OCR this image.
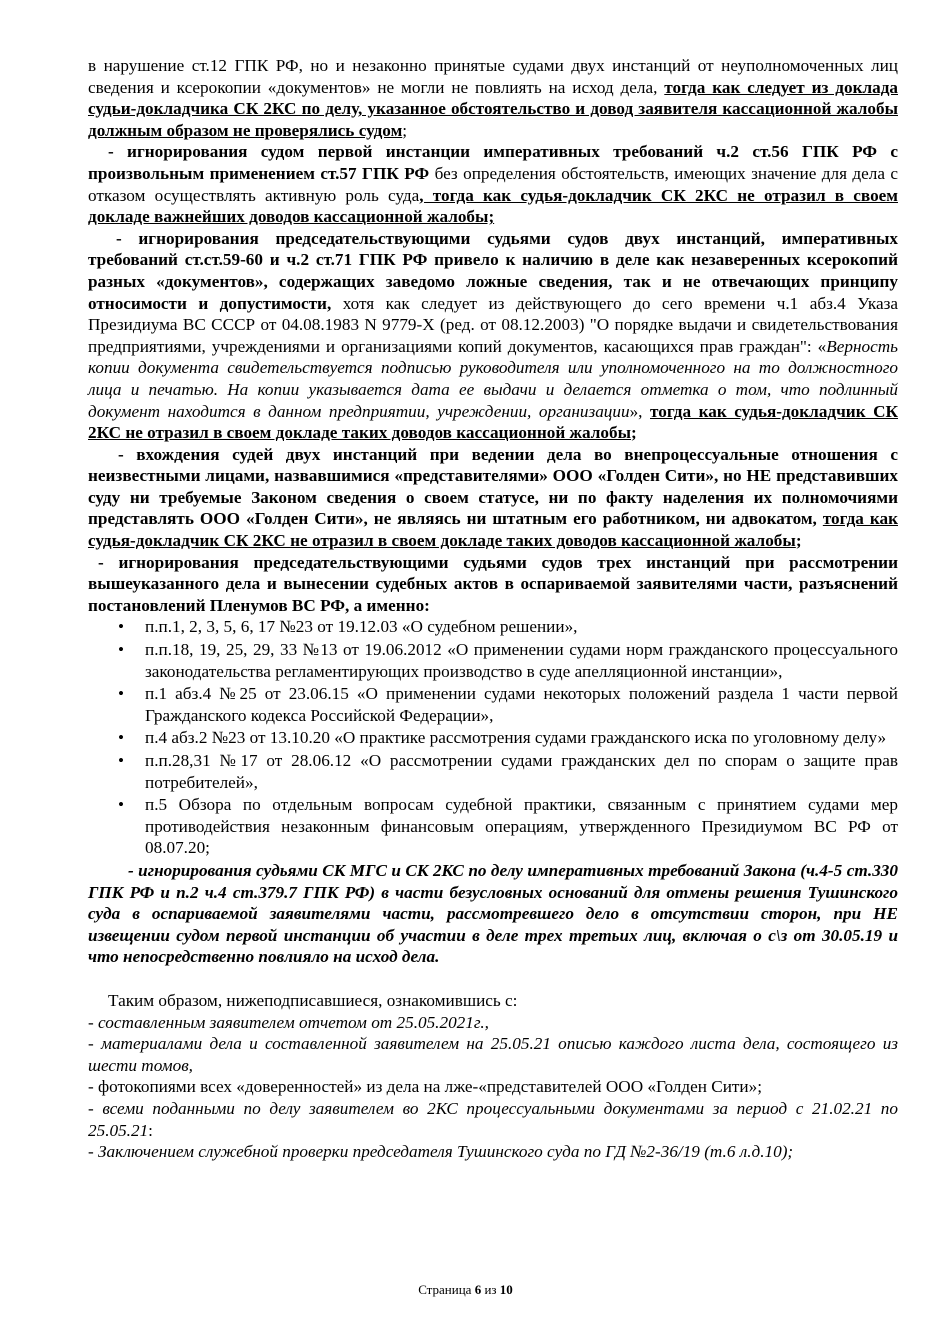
в нарушение ст.12 ГПК РФ, но и незаконно принятые судами двух инстанций от неуполномоченных лиц сведения и ксерокопии «документов» не могли не повлиять на исход дела, тогда как следует из доклада судьи-докладчика СК 2КС по делу, указанное обстоятельство и довод заявителя кассационной жалобы должным образом не проверялись судом;

- игнорирования судом первой инстанции императивных требований ч.2 ст.56 ГПК РФ с произвольным применением ст.57 ГПК РФ без определения обстоятельств, имеющих значение для дела с отказом осуществлять активную роль суда, тогда как судья-докладчик СК 2КС не отразил в своем докладе важнейших доводов кассационной жалобы;

- игнорирования председательствующими судьями судов двух инстанций, императивных требований ст.ст.59-60 и ч.2 ст.71 ГПК РФ привело к наличию в деле как незаверенных ксерокопий разных «документов», содержащих заведомо ложные сведения, так и не отвечающих принципу относимости и допустимости, хотя как следует из действующего до сего времени ч.1 абз.4 Указа Президиума ВС СССР от 04.08.1983 N 9779-X (ред. от 08.12.2003) "О порядке выдачи и свидетельствования предприятиями, учреждениями и организациями копий документов, касающихся прав граждан": «Верность копии документа свидетельствуется подписью руководителя или уполномоченного на то должностного лица и печатью. На копии указывается дата ее выдачи и делается отметка о том, что подлинный документ находится в данном предприятии, учреждении, организации», тогда как судья-докладчик СК 2КС не отразил в своем докладе таких доводов кассационной жалобы;

- вхождения судей двух инстанций при ведении дела во внепроцессуальные отношения с неизвестными лицами, назвавшимися «представителями» ООО «Голден Сити», но НЕ представивших суду ни требуемые Законом сведения о своем статусе, ни по факту наделения их полномочиями представлять ООО «Голден Сити», не являясь ни штатным его работником, ни адвокатом, тогда как судья-докладчик СК 2КС не отразил в своем докладе таких доводов кассационной жалобы;

- игнорирования председательствующими судьями судов трех инстанций при рассмотрении вышеуказанного дела и вынесении судебных актов в оспариваемой заявителями части, разъяснений постановлений Пленумов ВС РФ, а именно:

• п.п.1, 2, 3, 5, 6, 17 №23 от 19.12.03 «О судебном решении»,
• п.п.18, 19, 25, 29, 33 №13 от 19.06.2012 «О применении судами норм гражданского процессуального законодательства регламентирующих производство в суде апелляционной инстанции»,
• п.1 абз.4 №25 от 23.06.15 «О применении судами некоторых положений раздела 1 части первой Гражданского кодекса Российской Федерации»,
• п.4 абз.2 №23 от 13.10.20 «О практике рассмотрения судами гражданского иска по уголовному делу»
• п.п.28,31 №17 от 28.06.12 «О рассмотрении судами гражданских дел по спорам о защите прав потребителей»,
• п.5 Обзора по отдельным вопросам судебной практики, связанным с принятием судами мер противодействия незаконным финансовым операциям, утвержденного Президиумом ВС РФ от 08.07.20;

- игнорирования судьями СК МГС и СК 2КС по делу императивных требований Закона (ч.4-5 ст.330 ГПК РФ и п.2 ч.4 ст.379.7 ГПК РФ) в части безусловных оснований для отмены решения Тушинского суда в оспариваемой заявителями части, рассмотревшего дело в отсутствии сторон, при НЕ извещении судом первой инстанции об участии в деле трех третьих лиц, включая о с\з от 30.05.19 и что непосредственно повлияло на исход дела.

Таким образом, нижеподписавшиеся, ознакомившись с:

- составленным заявителем отчетом от 25.05.2021г.,

- материалами дела и составленной заявителем на 25.05.21 описью каждого листа дела, состоящего из шести томов,

- фотокопиями всех «доверенностей» из дела на лже-«представителей ООО «Голден Сити»;

- всеми поданными по делу заявителем во 2КС процессуальными документами за период с 21.02.21 по 25.05.21:

- Заключением служебной проверки председателя Тушинского суда по ГД №2-36/19 (т.6 л.д.10);

Страница 6 из 10
